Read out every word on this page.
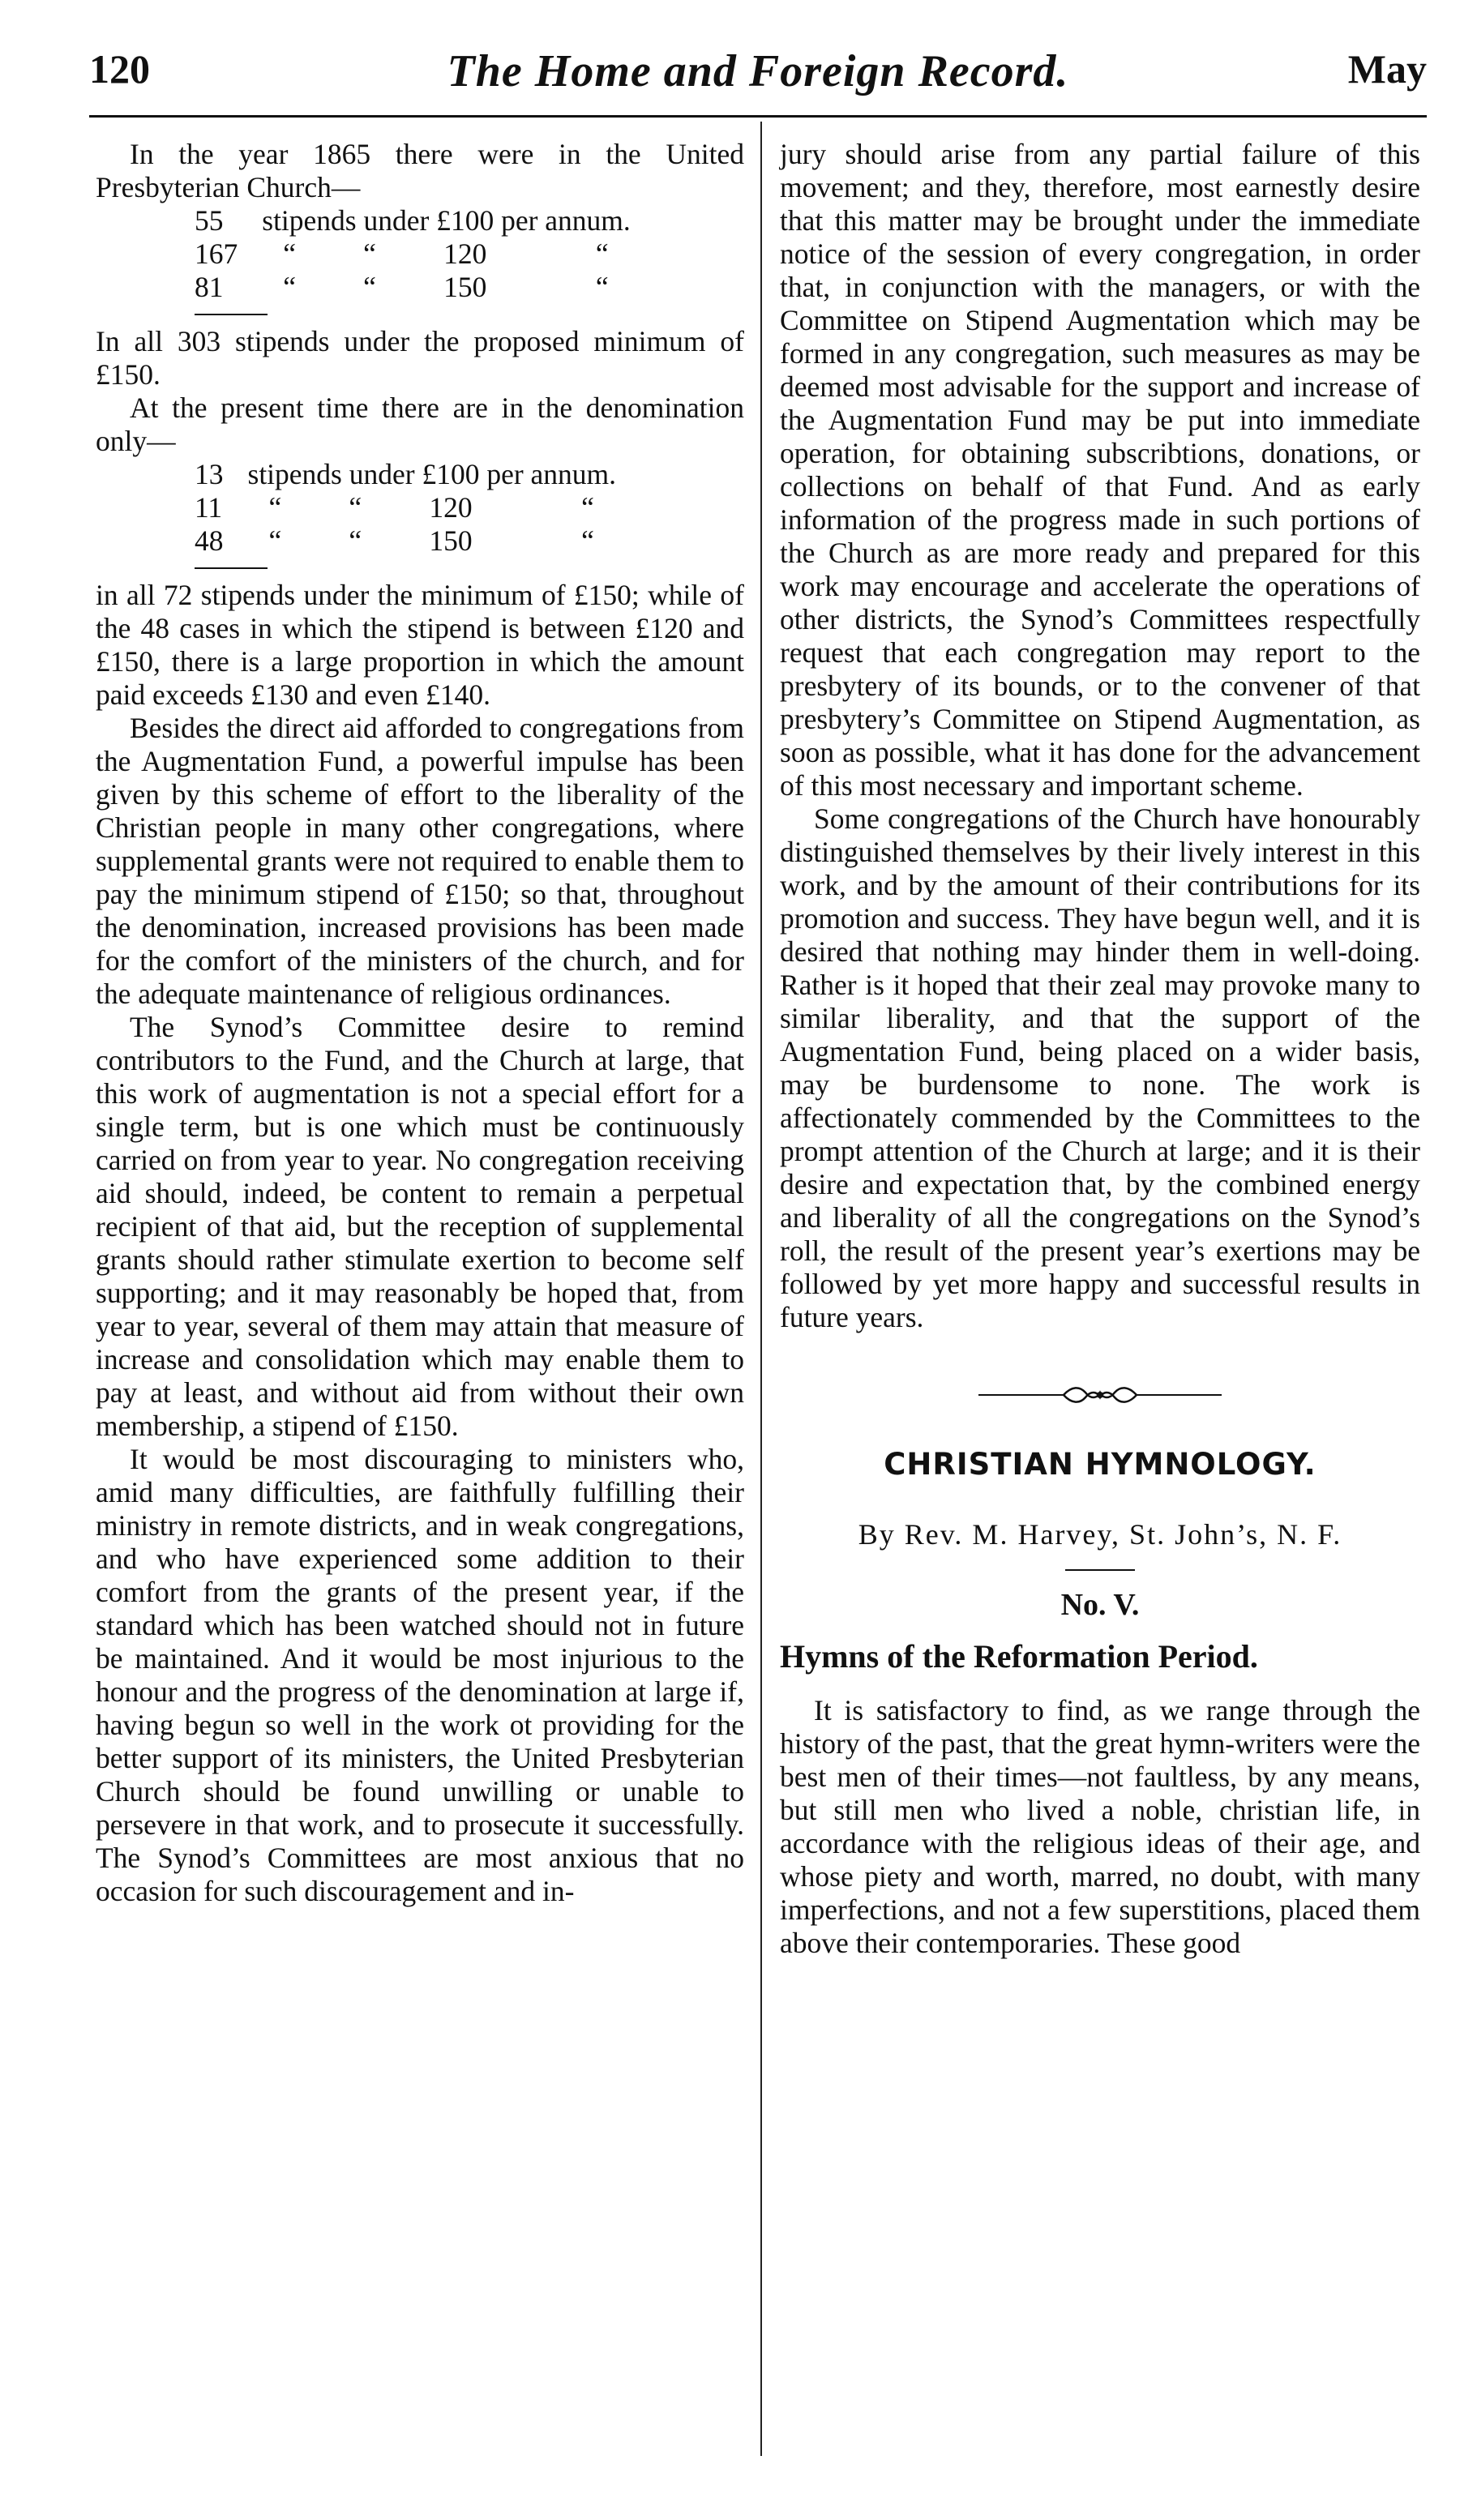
120	The Home and Foreign Record.	May

In the year 1865 there were in the United Presbyterian Church—

55	stipends under £100 per annum.			
167	“	“	120	“
81	“	“	150	“

In all 303 stipends under the proposed minimum of £150.

At the present time there are in the denomination only—

13	stipends under £100 per annum.			
11	“	“	120	“
48	“	“	150	“

in all 72 stipends under the minimum of £150; while of the 48 cases in which the stipend is between £120 and £150, there is a large proportion in which the amount paid exceeds £130 and even £140.

Besides the direct aid afforded to congregations from the Augmentation Fund, a powerful impulse has been given by this scheme of effort to the liberality of the Christian people in many other congregations, where supplemental grants were not required to enable them to pay the minimum stipend of £150; so that, throughout the denomination, increased provisions has been made for the comfort of the ministers of the church, and for the adequate maintenance of religious ordinances.

The Synod’s Committee desire to remind contributors to the Fund, and the Church at large, that this work of augmentation is not a special effort for a single term, but is one which must be continuously carried on from year to year. No congregation receiving aid should, indeed, be content to remain a perpetual recipient of that aid, but the reception of supplemental grants should rather stimulate exertion to become self supporting; and it may reasonably be hoped that, from year to year, several of them may attain that measure of increase and consolidation which may enable them to pay at least, and without aid from without their own membership, a stipend of £150.

It would be most discouraging to ministers who, amid many difficulties, are faithfully fulfilling their ministry in remote districts, and in weak congregations, and who have experienced some addition to their comfort from the grants of the present year, if the standard which has been watched should not in future be maintained. And it would be most injurious to the honour and the progress of the denomination at large if, having begun so well in the work ot providing for the better support of its ministers, the United Presbyterian Church should be found unwilling or unable to persevere in that work, and to prosecute it successfully. The Synod’s Committees are most anxious that no occasion for such discouragement and in-

jury should arise from any partial failure of this movement; and they, therefore, most earnestly desire that this matter may be brought under the immediate notice of the session of every congregation, in order that, in conjunction with the managers, or with the Committee on Stipend Augmentation which may be formed in any congregation, such measures as may be deemed most advisable for the support and increase of the Augmentation Fund may be put into immediate operation, for obtaining subscribtions, donations, or collections on behalf of that Fund. And as early information of the progress made in such portions of the Church as are more ready and prepared for this work may encourage and accelerate the operations of other districts, the Synod’s Committees respectfully request that each congregation may report to the presbytery of its bounds, or to the convener of that presbytery’s Committee on Stipend Augmentation, as soon as possible, what it has done for the advancement of this most necessary and important scheme.

Some congregations of the Church have honourably distinguished themselves by their lively interest in this work, and by the amount of their contributions for its promotion and success. They have begun well, and it is desired that nothing may hinder them in well-doing. Rather is it hoped that their zeal may provoke many to similar liberality, and that the support of the Augmentation Fund, being placed on a wider basis, may be burdensome to none. The work is affectionately commended by the Committees to the prompt attention of the Church at large; and it is their desire and expectation that, by the combined energy and liberality of all the congregations on the Synod’s roll, the result of the present year’s exertions may be followed by yet more happy and successful results in future years.

CHRISTIAN HYMNOLOGY.
By Rev. M. Harvey, St. John’s, N. F.
No. V.
Hymns of the Reformation Period.

It is satisfactory to find, as we range through the history of the past, that the great hymn-writers were the best men of their times—not faultless, by any means, but still men who lived a noble, christian life, in accordance with the religious ideas of their age, and whose piety and worth, marred, no doubt, with many imperfections, and not a few superstitions, placed them above their contemporaries. These good
